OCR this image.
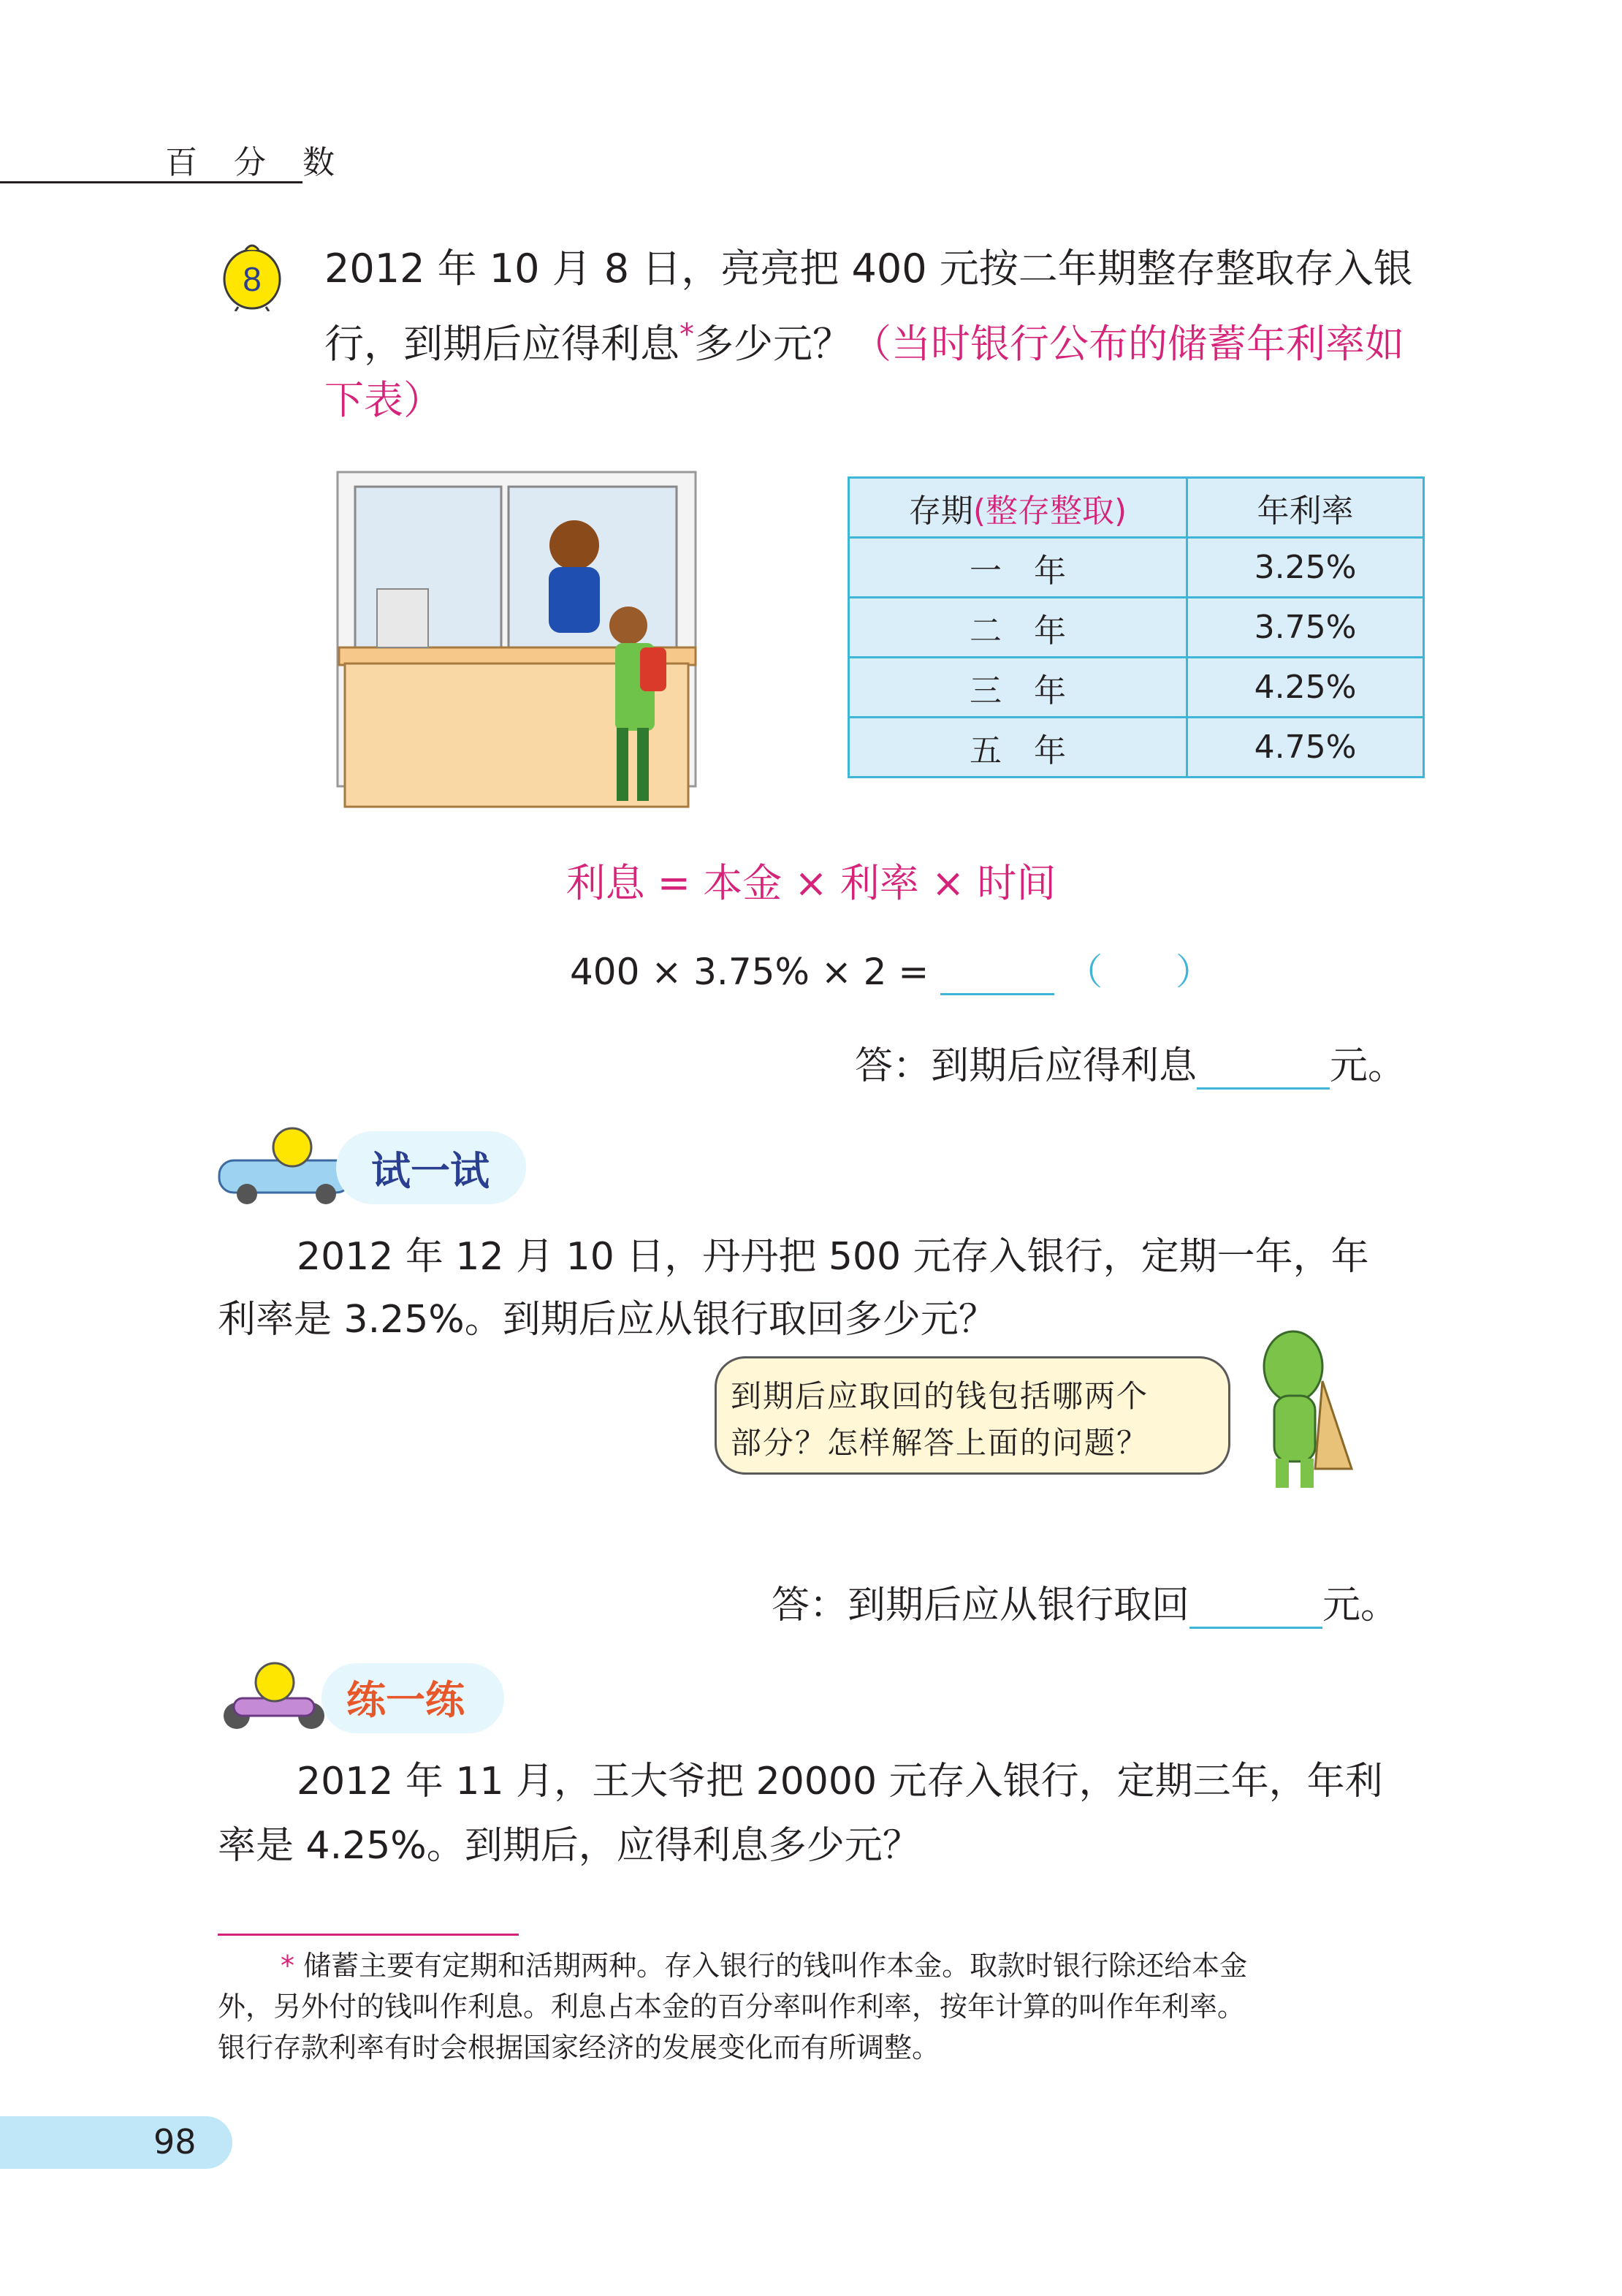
百 分 数
8 2012 年 10 月 8 日，亮亮把 400 元按二年期整存整取存入银
行，到期后应得利息*多少元？（当时银行公布的储蓄年利率如
下表）
存期(整存整取)	年利率
一　年	3.25%
二　年	3.75%
三　年	4.25%
五　年	4.75%
利息 = 本金 × 利率 × 时间
400 × 3.75% × 2 =	（　　）
答：到期后应得利息	元。
试一试
2012 年 12 月 10 日，丹丹把 500 元存入银行，定期一年，年
利率是 3.25%。到期后应从银行取回多少元？
到期后应取回的钱包括哪两个
部分？怎样解答上面的问题？
答：到期后应从银行取回	元。
练一练
2012 年 11 月，王大爷把 20000 元存入银行，定期三年，年利
率是 4.25%。到期后，应得利息多少元？
* 储蓄主要有定期和活期两种。存入银行的钱叫作本金。取款时银行除还给本金
外，另外付的钱叫作利息。利息占本金的百分率叫作利率，按年计算的叫作年利率。
银行存款利率有时会根据国家经济的发展变化而有所调整。
98
